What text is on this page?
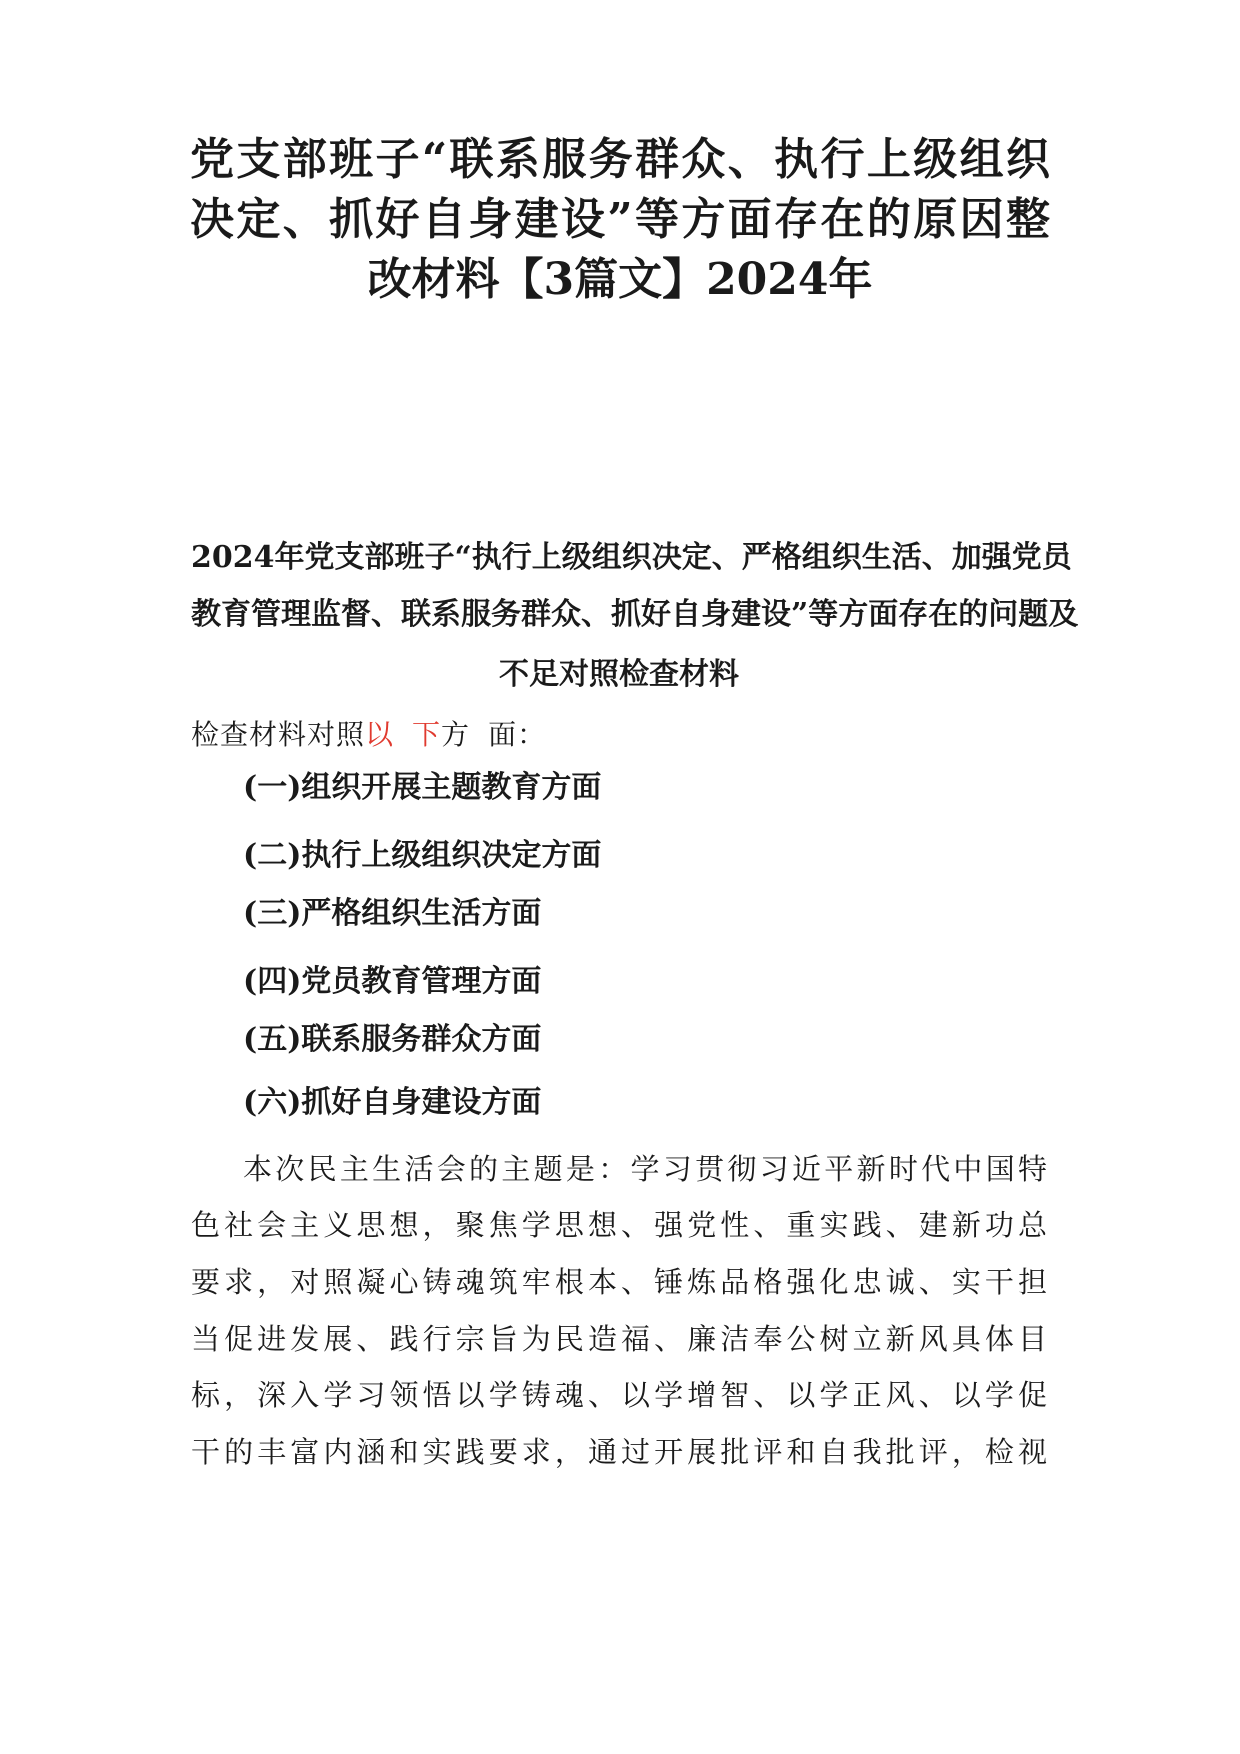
党支部班子“联系服务群众、执行上级组织

决定、抓好自身建设”等方面存在的原因整

改材料【3篇文】2024年

2024年党支部班子“执行上级组织决定、严格组织生活、加强党员

教育管理监督、联系服务群众、抓好自身建设”等方面存在的问题及

不足对照检查材料

检查材料对照以 下方 面：

(一)组织开展主题教育方面

(二)执行上级组织决定方面

(三)严格组织生活方面

(四)党员教育管理方面

(五)联系服务群众方面

(六)抓好自身建设方面

本次民主生活会的主题是：学习贯彻习近平新时代中国特

色社会主义思想，聚焦学思想、强党性、重实践、建新功总

要求，对照凝心铸魂筑牢根本、锤炼品格强化忠诚、实干担

当促进发展、践行宗旨为民造福、廉洁奉公树立新风具体目

标，深入学习领悟以学铸魂、以学增智、以学正风、以学促

干的丰富内涵和实践要求，通过开展批评和自我批评，检视
